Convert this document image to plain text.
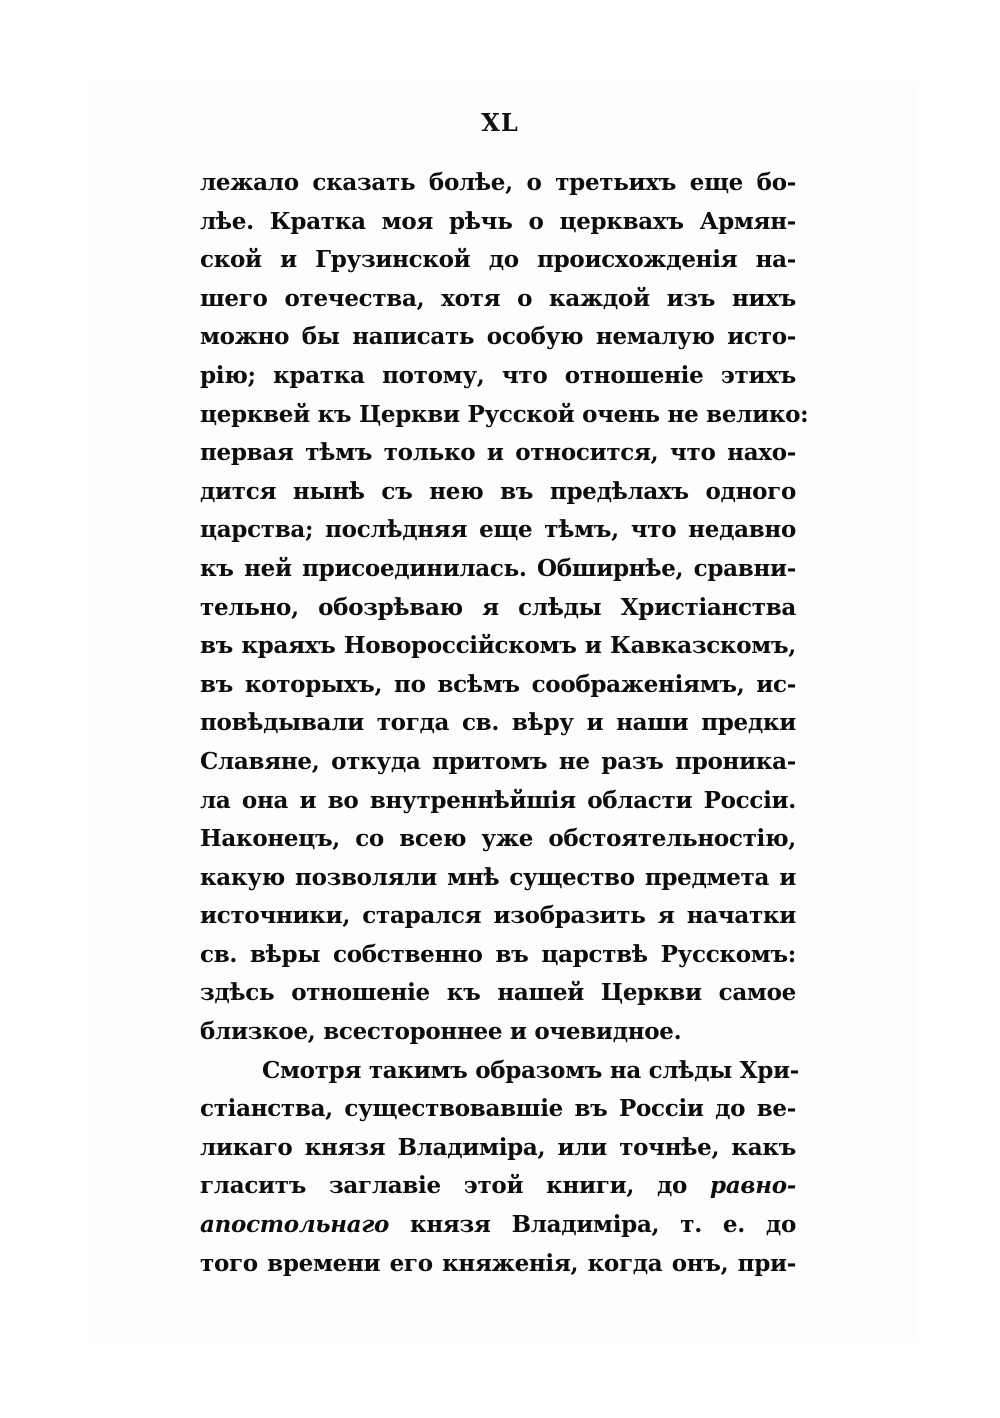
XL
лежало сказать болѣе, о третьихъ еще бо-
лѣе. Кратка моя рѣчь о церквахъ Армян-
ской и Грузинской до происхожденія на-
шего отечества, хотя о каждой изъ нихъ
можно бы написать особую немалую исто-
рію; кратка потому, что отношеніе этихъ
церквей къ Церкви Русской очень не велико:
первая тѣмъ только и относится, что нахо-
дится нынѣ съ нею въ предѣлахъ одного
царства; послѣдняя еще тѣмъ, что недавно
къ ней присоединилась. Обширнѣе, сравни-
тельно, обозрѣваю я слѣды Христіанства
въ краяхъ Новороссійскомъ и Кавказскомъ,
въ которыхъ, по всѣмъ соображеніямъ, ис-
повѣдывали тогда св. вѣру и наши предки
Славяне, откуда притомъ не разъ проника-
ла она и во внутреннѣйшія области Россіи.
Наконецъ, со всею уже обстоятельностію,
какую позволяли мнѣ существо предмета и
источники, старался изобразить я начатки
св. вѣры собственно въ царствѣ Русскомъ:
здѣсь отношеніе къ нашей Церкви самое
близкое, всестороннее и очевидное.
Смотря такимъ образомъ на слѣды Хри-
стіанства, существовавшіе въ Россіи до ве-
ликаго князя Владиміра, или точнѣе, какъ
гласитъ заглавіе этой книги, до равно-
апостольнаго князя Владиміра, т. е. до
того времени его княженія, когда онъ, при-
